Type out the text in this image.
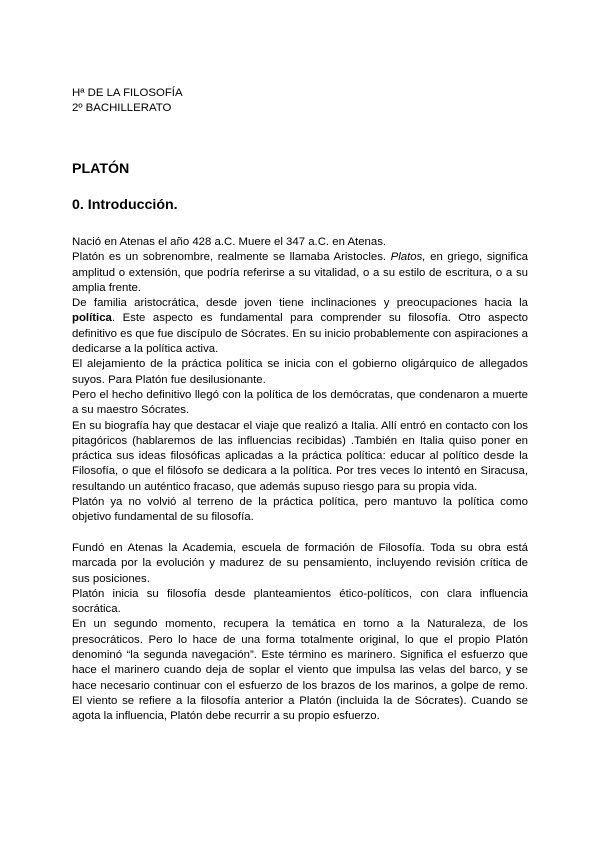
Hª DE LA FILOSOFÍA
2º BACHILLERATO
PLATÓN
0. Introducción.

Nació en Atenas el año 428 a.C. Muere el 347 a.C. en Atenas.

Platón es un sobrenombre, realmente se llamaba Aristocles. Platos, en griego, significa amplitud o extensión, que podría referirse a su vitalidad, o a su estilo de escritura, o a su amplia frente.

De familia aristocrática, desde joven tiene inclinaciones y preocupaciones hacia la política. Este aspecto es fundamental para comprender su filosofía. Otro aspecto definitivo es que fue discípulo de Sócrates. En su inicio probablemente con aspiraciones a dedicarse a la política activa.

El alejamiento de la práctica política se inicia con el gobierno oligárquico de allegados suyos. Para Platón fue desilusionante.

Pero el hecho definitivo llegó con la política de los demócratas, que condenaron a muerte a su maestro Sócrates.

En su biografía hay que destacar el viaje que realizó a Italia. Allí entró en contacto con los pitagóricos (hablaremos de las influencias recibidas) .También en Italia quiso poner en práctica sus ideas filosóficas aplicadas a la práctica política: educar al político desde la Filosofía, o que el filósofo se dedicara a la política. Por tres veces lo intentó en Siracusa, resultando un auténtico fracaso, que además supuso riesgo para su propia vida.

Platón ya no volvió al terreno de la práctica política, pero mantuvo la política como objetivo fundamental de su filosofía.

Fundó en Atenas la Academia, escuela de formación de Filosofía. Toda su obra está marcada por la evolución y madurez de su pensamiento, incluyendo revisión crítica de sus posiciones.

Platón inicia su filosofía desde planteamientos ético-políticos, con clara influencia socrática.

En un segundo momento, recupera la temática en torno a la Naturaleza, de los presocráticos. Pero lo hace de una forma totalmente original, lo que el propio Platón denominó “la segunda navegación”. Este término es marinero. Significa el esfuerzo que hace el marinero cuando deja de soplar el viento que impulsa las velas del barco, y se hace necesario continuar con el esfuerzo de los brazos de los marinos, a golpe de remo. El viento se refiere a la filosofía anterior a Platón (incluida la de Sócrates). Cuando se agota la influencia, Platón debe recurrir a su propio esfuerzo.
